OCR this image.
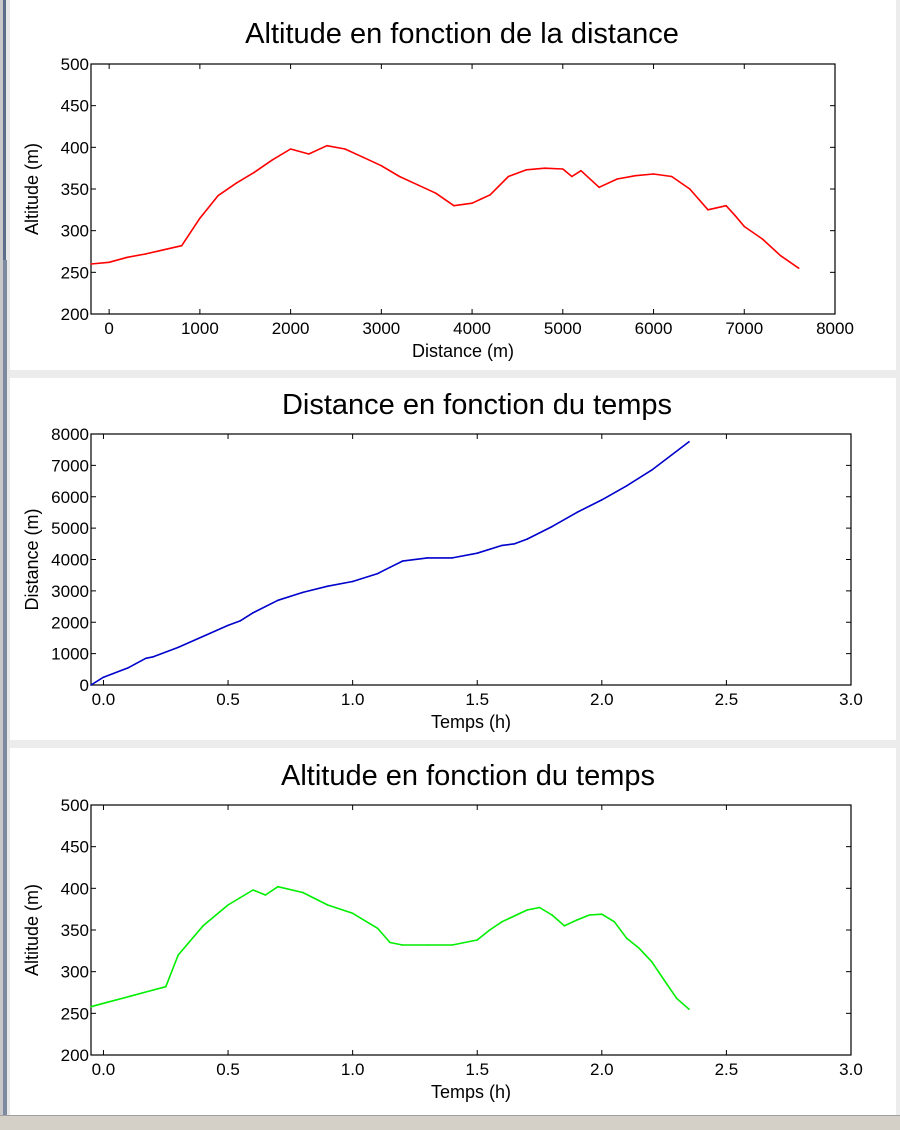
Altitude en fonction de la distance
0	1000	2000	3000	4000	5000	6000	7000	8000
200
250
300
350
400
450
500
Distance (m)
Altitude (m)
Distance en fonction du temps
0.0	0.5	1.0	1.5	2.0	2.5	3.0
0
1000
2000
3000
4000
5000
6000
7000
8000
Temps (h)
Distance (m)
Altitude en fonction du temps
0.0	0.5	1.0	1.5	2.0	2.5	3.0
200
250
300
350
400
450
500
Temps (h)
Altitude (m)
